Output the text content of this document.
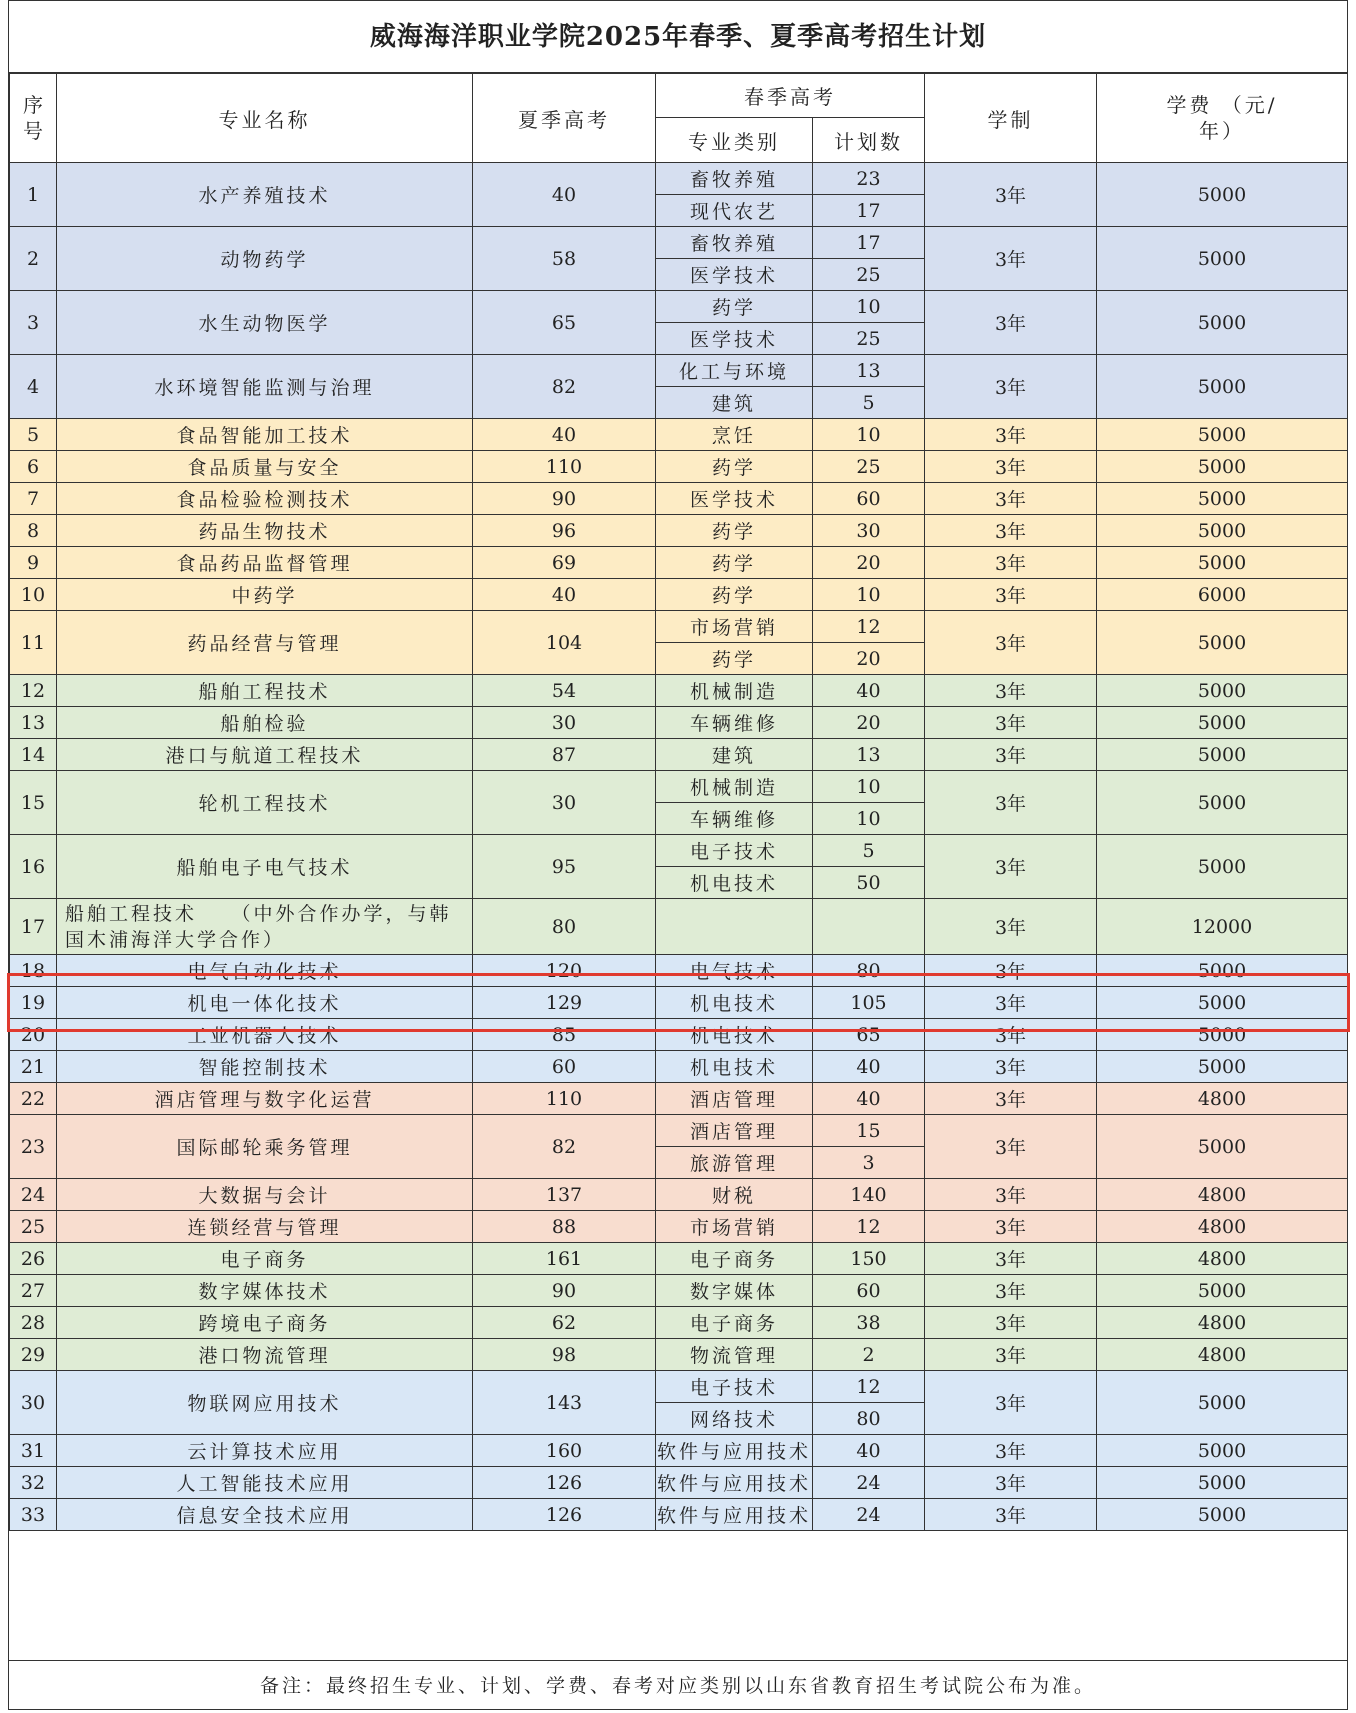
威海海洋职业学院2025年春季、夏季高考招生计划
序号	专业名称	夏季高考	春季高考		学制	学费 （元/年）

			专业类别	计划数		
1	水产养殖技术	40	畜牧养殖	23	3年	5000
			现代农艺	17		
2	动物药学	58	畜牧养殖	17	3年	5000
			医学技术	25		
3	水生动物医学	65	药学	10	3年	5000
			医学技术	25		
4	水环境智能监测与治理	82	化工与环境	13	3年	5000
			建筑	5		
5	食品智能加工技术	40	烹饪	10	3年	5000
6	食品质量与安全	110	药学	25	3年	5000
7	食品检验检测技术	90	医学技术	60	3年	5000
8	药品生物技术	96	药学	30	3年	5000
9	食品药品监督管理	69	药学	20	3年	5000
10	中药学	40	药学	10	3年	6000
11	药品经营与管理	104	市场营销	12	3年	5000
			药学	20		
12	船舶工程技术	54	机械制造	40	3年	5000
13	船舶检验	30	车辆维修	20	3年	5000
14	港口与航道工程技术	87	建筑	13	3年	5000
15	轮机工程技术	30	机械制造	10	3年	5000
			车辆维修	10		
16	船舶电子电气技术	95	电子技术	5	3年	5000
			机电技术	50		
17	船舶工程技术　　（中外合作办学，与韩国木浦海洋大学合作）	80			3年	12000
18	电气自动化技术	120	电气技术	80	3年	5000
19	机电一体化技术	129	机电技术	105	3年	5000
20	工业机器人技术	85	机电技术	65	3年	5000
21	智能控制技术	60	机电技术	40	3年	5000
22	酒店管理与数字化运营	110	酒店管理	40	3年	4800
23	国际邮轮乘务管理	82	酒店管理	15	3年	5000
			旅游管理	3		
24	大数据与会计	137	财税	140	3年	4800
25	连锁经营与管理	88	市场营销	12	3年	4800
26	电子商务	161	电子商务	150	3年	4800
27	数字媒体技术	90	数字媒体	60	3年	5000
28	跨境电子商务	62	电子商务	38	3年	4800
29	港口物流管理	98	物流管理	2	3年	4800
30	物联网应用技术	143	电子技术	12	3年	5000
			网络技术	80		
31	云计算技术应用	160	软件与应用技术	40	3年	5000
32	人工智能技术应用	126	软件与应用技术	24	3年	5000
33	信息安全技术应用	126	软件与应用技术	24	3年	5000
备注：最终招生专业、计划、学费、春考对应类别以山东省教育招生考试院公布为准。
